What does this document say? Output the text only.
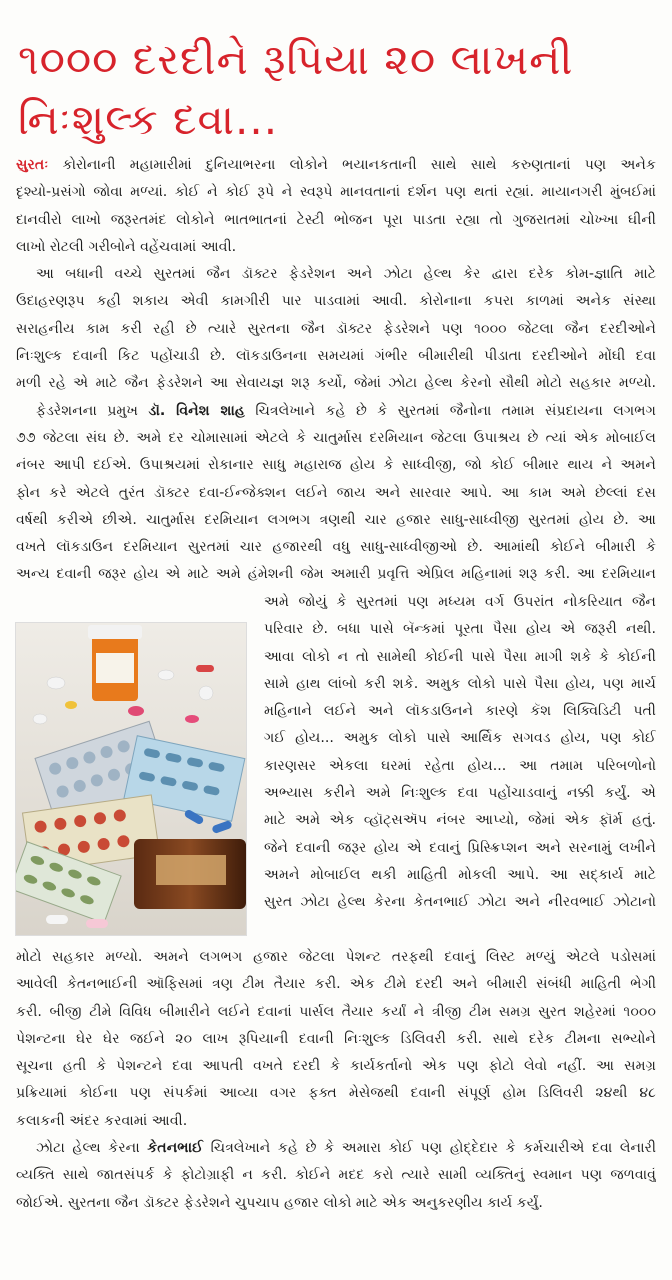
૧૦૦૦ દરદીને રૂપિયા ૨૦ લાખની
નિઃશુલ્ક દવા...
સુરતઃ કોરોનાની મહામારીમાં દુનિયાભરના લોકોને ભયાનકતાની સાથે સાથે કરુણતાનાં પણ અનેક
દૃશ્યો-પ્રસંગો જોવા મળ્યાં. કોઈ ને કોઈ રૂપે ને સ્વરૂપે માનવતાનાં દર્શન પણ થતાં રહ્યાં. માયાનગરી મુંબઈમાં
દાનવીરો લાખો જરૂરતમંદ લોકોને ભાતભાતનાં ટેસ્ટી ભોજન પૂરા પાડતા રહ્યા તો ગુજરાતમાં ચોખ્ખા ઘીની
લાખો રોટલી ગરીબોને વહેંચવામાં આવી.
આ બધાની વચ્ચે સુરતમાં જૈન ડૉક્ટર ફેડરેશન અને ઝોટા હેલ્થ કેર દ્વારા દરેક કોમ-જ્ઞાતિ માટે
ઉદાહરણરૂપ કહી શકાય એવી કામગીરી પાર પાડવામાં આવી. કોરોનાના કપરા કાળમાં અનેક સંસ્થા
સરાહનીય કામ કરી રહી છે ત્યારે સુરતના જૈન ડૉક્ટર ફેડરેશને પણ ૧૦૦૦ જેટલા જૈન દરદીઓને
નિઃશુલ્ક દવાની કિટ પહોંચાડી છે. લૉકડાઉનના સમયમાં ગંભીર બીમારીથી પીડાતા દરદીઓને મોંઘી દવા
મળી રહે એ માટે જૈન ફેડરેશને આ સેવાયજ્ઞ શરૂ કર્યો, જેમાં ઝોટા હેલ્થ કેરનો સૌથી મોટો સહકાર મળ્યો.
ફેડરેશનના પ્રમુખ ડૉ. વિનેશ શાહ ચિત્રલેખાને કહે છે કે સુરતમાં જૈનોના તમામ સંપ્રદાયના લગભગ
૭૭ જેટલા સંઘ છે. અમે દર ચોમાસામાં એટલે કે ચાતુર્માસ દરમિયાન જેટલા ઉપાશ્રય છે ત્યાં એક મોબાઈલ
નંબર આપી દઈએ. ઉપાશ્રયમાં રોકાનાર સાધુ મહારાજ હોય કે સાધ્વીજી, જો કોઈ બીમાર થાય ને અમને
ફોન કરે એટલે તુરંત ડૉક્ટર દવા-ઈન્જેક્શન લઈને જાય અને સારવાર આપે. આ કામ અમે છેલ્લાં દસ
વર્ષથી કરીએ છીએ. ચાતુર્માસ દરમિયાન લગભગ ત્રણથી ચાર હજાર સાધુ-સાધ્વીજી સુરતમાં હોય છે. આ
વખતે લૉકડાઉન દરમિયાન સુરતમાં ચાર હજારથી વધુ સાધુ-સાધ્વીજીઓ છે. આમાંથી કોઈને બીમારી કે
અન્ય દવાની જરૂર હોય એ માટે અમે હંમેશની જેમ અમારી પ્રવૃત્તિ એપ્રિલ મહિનામાં શરૂ કરી. આ દરમિયાન
અમે જોયું કે સુરતમાં પણ મધ્યમ વર્ગ ઉપરાંત નોકરિયાત જૈન
પરિવાર છે. બધા પાસે બૅન્કમાં પૂરતા પૈસા હોય એ જરૂરી નથી.
આવા લોકો ન તો સામેથી કોઈની પાસે પૈસા માગી શકે કે કોઈની
સામે હાથ લાંબો કરી શકે. અમુક લોકો પાસે પૈસા હોય, પણ માર્ચ
મહિનાને લઈને અને લૉકડાઉનને કારણે કૅશ લિક્વિડિટી પતી
ગઈ હોય... અમુક લોકો પાસે આર્થિક સગવડ હોય, પણ કોઈ
કારણસર એકલા ઘરમાં રહેતા હોય... આ તમામ પરિબળોનો
અભ્યાસ કરીને અમે નિઃશુલ્ક દવા પહોંચાડવાનું નક્કી કર્યું. એ
માટે અમે એક વ્હૉટ્સઍપ નંબર આપ્યો, જેમાં એક ફૉર્મ હતું.
જેને દવાની જરૂર હોય એ દવાનું પ્રિસ્ક્રિપ્શન અને સરનામું લખીને
અમને મોબાઈલ થકી માહિતી મોકલી આપે. આ સદ્કાર્ય માટે
સુરત ઝોટા હેલ્થ કેરના કેતનભાઈ ઝોટા અને નીરવભાઈ ઝોટાનો
મોટો સહકાર મળ્યો. અમને લગભગ હજાર જેટલા પેશન્ટ તરફથી દવાનું લિસ્ટ મળ્યું એટલે પડોસમાં
આવેલી કેતનભાઈની ઑફિસમાં ત્રણ ટીમ તૈયાર કરી. એક ટીમે દરદી અને બીમારી સંબંધી માહિતી ભેગી
કરી. બીજી ટીમે વિવિધ બીમારીને લઈને દવાનાં પાર્સલ તૈયાર કર્યાં ને ત્રીજી ટીમ સમગ્ર સુરત શહેરમાં ૧૦૦૦
પેશન્ટના ઘેર ઘેર જઈને ૨૦ લાખ રૂપિયાની દવાની નિઃશુલ્ક ડિલિવરી કરી. સાથે દરેક ટીમના સભ્યોને
સૂચના હતી કે પેશન્ટને દવા આપતી વખતે દરદી કે કાર્યકર્તાનો એક પણ ફોટો લેવો નહીં. આ સમગ્ર
પ્રક્રિયામાં કોઈના પણ સંપર્કમાં આવ્યા વગર ફક્ત મેસેજથી દવાની સંપૂર્ણ હોમ ડિલિવરી ૨૪થી ૪૮
કલાકની અંદર કરવામાં આવી.
ઝોટા હેલ્થ કેરના કેતનભાઈ ચિત્રલેખાને કહે છે કે અમારા કોઈ પણ હોદ્દેદાર કે કર્મચારીએ દવા લેનારી
વ્યક્તિ સાથે જાતસંપર્ક કે ફોટોગ્રાફી ન કરી. કોઈને મદદ કરો ત્યારે સામી વ્યક્તિનું સ્વમાન પણ જળવાવું
જોઈએ. સુરતના જૈન ડૉક્ટર ફેડરેશને ચુપચાપ હજાર લોકો માટે એક અનુકરણીય કાર્ય કર્યું.
